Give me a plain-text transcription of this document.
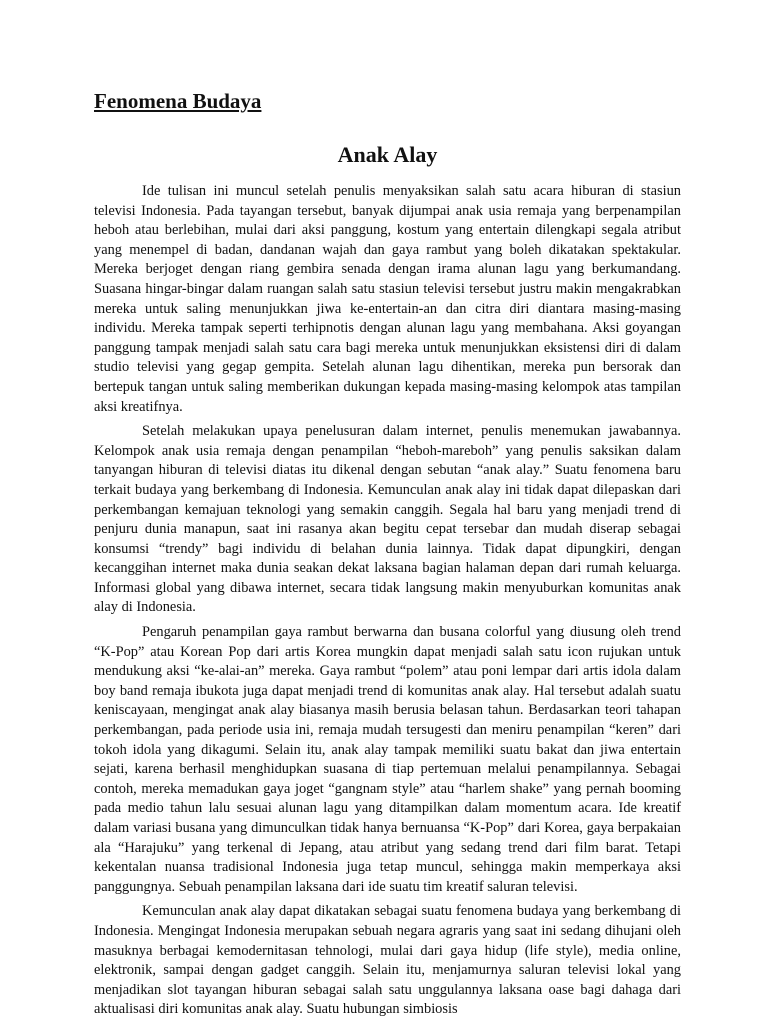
Fenomena Budaya
Anak Alay

Ide tulisan ini muncul setelah penulis menyaksikan salah satu acara hiburan di stasiun televisi Indonesia. Pada tayangan tersebut, banyak dijumpai anak usia remaja yang berpenampilan heboh atau berlebihan, mulai dari aksi panggung, kostum yang entertain dilengkapi segala atribut yang menempel di badan, dandanan wajah dan gaya rambut yang boleh dikatakan spektakular. Mereka berjoget dengan riang gembira senada dengan irama alunan lagu yang berkumandang. Suasana hingar-bingar dalam ruangan salah satu stasiun televisi tersebut justru makin mengakrabkan mereka untuk saling menunjukkan jiwa ke-entertain-an dan citra diri diantara masing-masing individu. Mereka tampak seperti terhipnotis dengan alunan lagu yang membahana. Aksi goyangan panggung tampak menjadi salah satu cara bagi mereka untuk menunjukkan eksistensi diri di dalam studio televisi yang gegap gempita. Setelah alunan lagu dihentikan, mereka pun bersorak dan bertepuk tangan untuk saling memberikan dukungan kepada masing-masing kelompok atas tampilan aksi kreatifnya.

Setelah melakukan upaya penelusuran dalam internet, penulis menemukan jawabannya. Kelompok anak usia remaja dengan penampilan “heboh-mareboh” yang penulis saksikan dalam tanyangan hiburan di televisi diatas itu dikenal dengan sebutan “anak alay.” Suatu fenomena baru terkait budaya yang berkembang di Indonesia. Kemunculan anak alay ini tidak dapat dilepaskan dari perkembangan kemajuan teknologi yang semakin canggih. Segala hal baru yang menjadi trend di penjuru dunia manapun, saat ini rasanya akan begitu cepat tersebar dan mudah diserap sebagai konsumsi “trendy” bagi individu di belahan dunia lainnya. Tidak dapat dipungkiri, dengan kecanggihan internet maka dunia seakan dekat laksana bagian halaman depan dari rumah keluarga. Informasi global yang dibawa internet, secara tidak langsung makin menyuburkan komunitas anak alay di Indonesia.

Pengaruh penampilan gaya rambut berwarna dan busana colorful yang diusung oleh trend “K-Pop” atau Korean Pop dari artis Korea mungkin dapat menjadi salah satu icon rujukan untuk mendukung aksi “ke-alai-an” mereka. Gaya rambut “polem” atau poni lempar dari artis idola dalam boy band remaja ibukota juga dapat menjadi trend di komunitas anak alay. Hal tersebut adalah suatu keniscayaan, mengingat anak alay biasanya masih berusia belasan tahun. Berdasarkan teori tahapan perkembangan, pada periode usia ini, remaja mudah tersugesti dan meniru penampilan “keren” dari tokoh idola yang dikagumi. Selain itu, anak alay tampak memiliki suatu bakat dan jiwa entertain sejati, karena berhasil menghidupkan suasana di tiap pertemuan melalui penampilannya. Sebagai contoh, mereka memadukan gaya joget “gangnam style” atau “harlem shake” yang pernah booming pada medio tahun lalu sesuai alunan lagu yang ditampilkan dalam momentum acara. Ide kreatif dalam variasi busana yang dimunculkan tidak hanya bernuansa “K-Pop” dari Korea, gaya berpakaian ala “Harajuku” yang terkenal di Jepang, atau atribut yang sedang trend dari film barat. Tetapi kekentalan nuansa tradisional Indonesia juga tetap muncul, sehingga makin memperkaya aksi panggungnya. Sebuah penampilan laksana dari ide suatu tim kreatif saluran televisi.

Kemunculan anak alay dapat dikatakan sebagai suatu fenomena budaya yang berkembang di Indonesia. Mengingat Indonesia merupakan sebuah negara agraris yang saat ini sedang dihujani oleh masuknya berbagai kemodernitasan tehnologi, mulai dari gaya hidup (life style), media online, elektronik, sampai dengan gadget canggih. Selain itu, menjamurnya saluran televisi lokal yang menjadikan slot tayangan hiburan sebagai salah satu unggulannya laksana oase bagi dahaga dari aktualisasi diri komunitas anak alay. Suatu hubungan simbiosis
